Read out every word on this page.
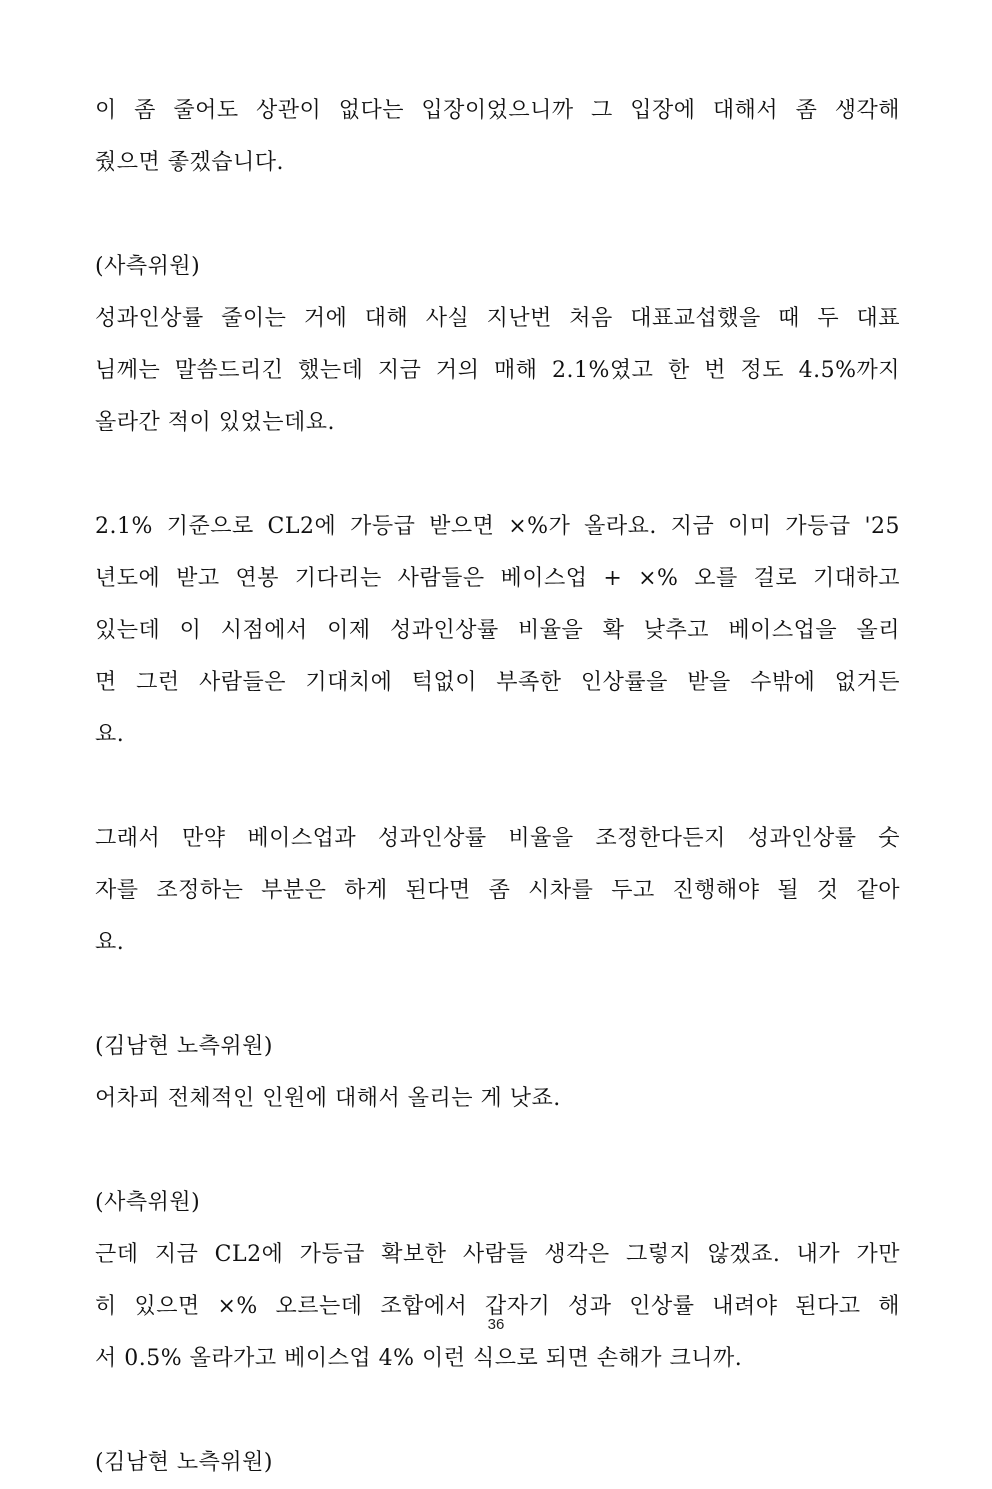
이 좀 줄어도 상관이 없다는 입장이었으니까 그 입장에 대해서 좀 생각해
줬으면 좋겠습니다.
(사측위원)
성과인상률 줄이는 거에 대해 사실 지난번 처음 대표교섭했을 때 두 대표
님께는 말씀드리긴 했는데 지금 거의 매해 2.1%였고 한 번 정도 4.5%까지
올라간 적이 있었는데요.
2.1% 기준으로 CL2에 가등급 받으면 ×%가 올라요. 지금 이미 가등급 '25
년도에 받고 연봉 기다리는 사람들은 베이스업 + ×% 오를 걸로 기대하고
있는데 이 시점에서 이제 성과인상률 비율을 확 낮추고 베이스업을 올리
면 그런 사람들은 기대치에 턱없이 부족한 인상률을 받을 수밖에 없거든
요.
그래서 만약 베이스업과 성과인상률 비율을 조정한다든지 성과인상률 숫
자를 조정하는 부분은 하게 된다면 좀 시차를 두고 진행해야 될 것 같아
요.
(김남현 노측위원)
어차피 전체적인 인원에 대해서 올리는 게 낫죠.
(사측위원)
근데 지금 CL2에 가등급 확보한 사람들 생각은 그렇지 않겠죠. 내가 가만
히 있으면 ×% 오르는데 조합에서 갑자기 성과 인상률 내려야 된다고 해
서 0.5% 올라가고 베이스업 4% 이런 식으로 되면 손해가 크니까.
(김남현 노측위원)
36
